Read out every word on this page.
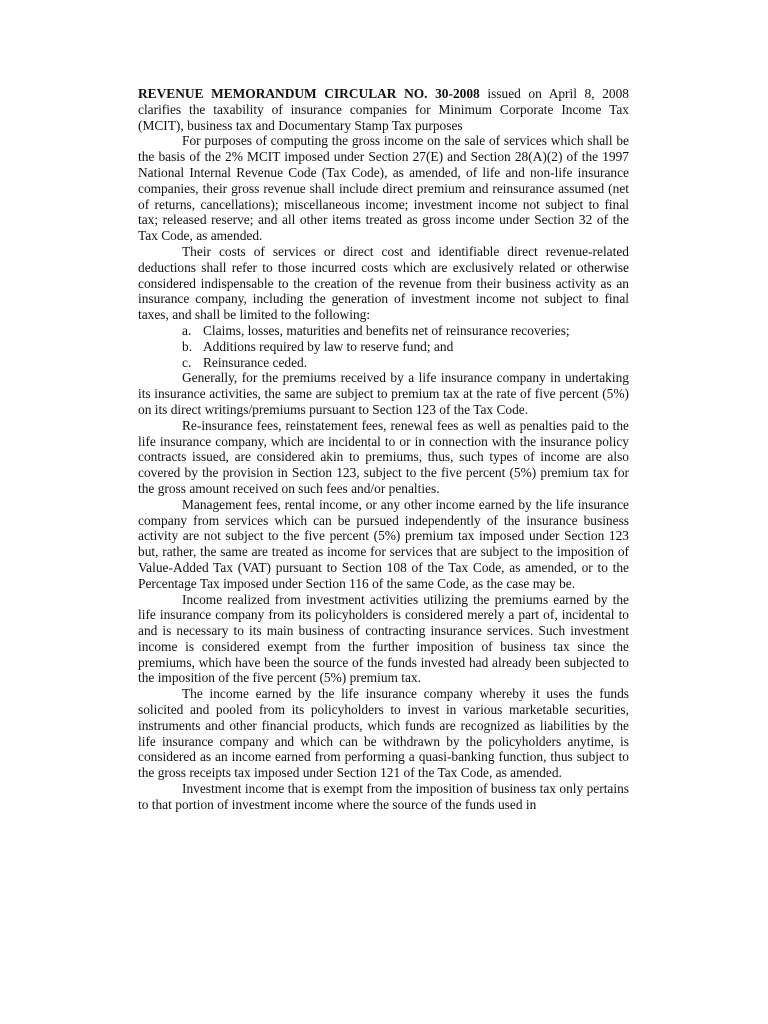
REVENUE MEMORANDUM CIRCULAR NO. 30-2008 issued on April 8, 2008 clarifies the taxability of insurance companies for Minimum Corporate Income Tax (MCIT), business tax and Documentary Stamp Tax purposes

For purposes of computing the gross income on the sale of services which shall be the basis of the 2% MCIT imposed under Section 27(E) and Section 28(A)(2) of the 1997 National Internal Revenue Code (Tax Code), as amended, of life and non-life insurance companies, their gross revenue shall include direct premium and reinsurance assumed (net of returns, cancellations); miscellaneous income; investment income not subject to final tax; released reserve; and all other items treated as gross income under Section 32 of the Tax Code, as amended.

Their costs of services or direct cost and identifiable direct revenue-related deductions shall refer to those incurred costs which are exclusively related or otherwise considered indispensable to the creation of the revenue from their business activity as an insurance company, including the generation of investment income not subject to final taxes, and shall be limited to the following:

a. Claims, losses, maturities and benefits net of reinsurance recoveries;
b. Additions required by law to reserve fund; and
c. Reinsurance ceded.

Generally, for the premiums received by a life insurance company in undertaking its insurance activities, the same are subject to premium tax at the rate of five percent (5%) on its direct writings/premiums pursuant to Section 123 of the Tax Code.

Re-insurance fees, reinstatement fees, renewal fees as well as penalties paid to the life insurance company, which are incidental to or in connection with the insurance policy contracts issued, are considered akin to premiums, thus, such types of income are also covered by the provision in Section 123, subject to the five percent (5%) premium tax for the gross amount received on such fees and/or penalties.

Management fees, rental income, or any other income earned by the life insurance company from services which can be pursued independently of the insurance business activity are not subject to the five percent (5%) premium tax imposed under Section 123 but, rather, the same are treated as income for services that are subject to the imposition of Value-Added Tax (VAT) pursuant to Section 108 of the Tax Code, as amended, or to the Percentage Tax imposed under Section 116 of the same Code, as the case may be.

Income realized from investment activities utilizing the premiums earned by the life insurance company from its policyholders is considered merely a part of, incidental to and is necessary to its main business of contracting insurance services. Such investment income is considered exempt from the further imposition of business tax since the premiums, which have been the source of the funds invested had already been subjected to the imposition of the five percent (5%) premium tax.

The income earned by the life insurance company whereby it uses the funds solicited and pooled from its policyholders to invest in various marketable securities, instruments and other financial products, which funds are recognized as liabilities by the life insurance company and which can be withdrawn by the policyholders anytime, is considered as an income earned from performing a quasi-banking function, thus subject to the gross receipts tax imposed under Section 121 of the Tax Code, as amended.

Investment income that is exempt from the imposition of business tax only pertains to that portion of investment income where the source of the funds used in
